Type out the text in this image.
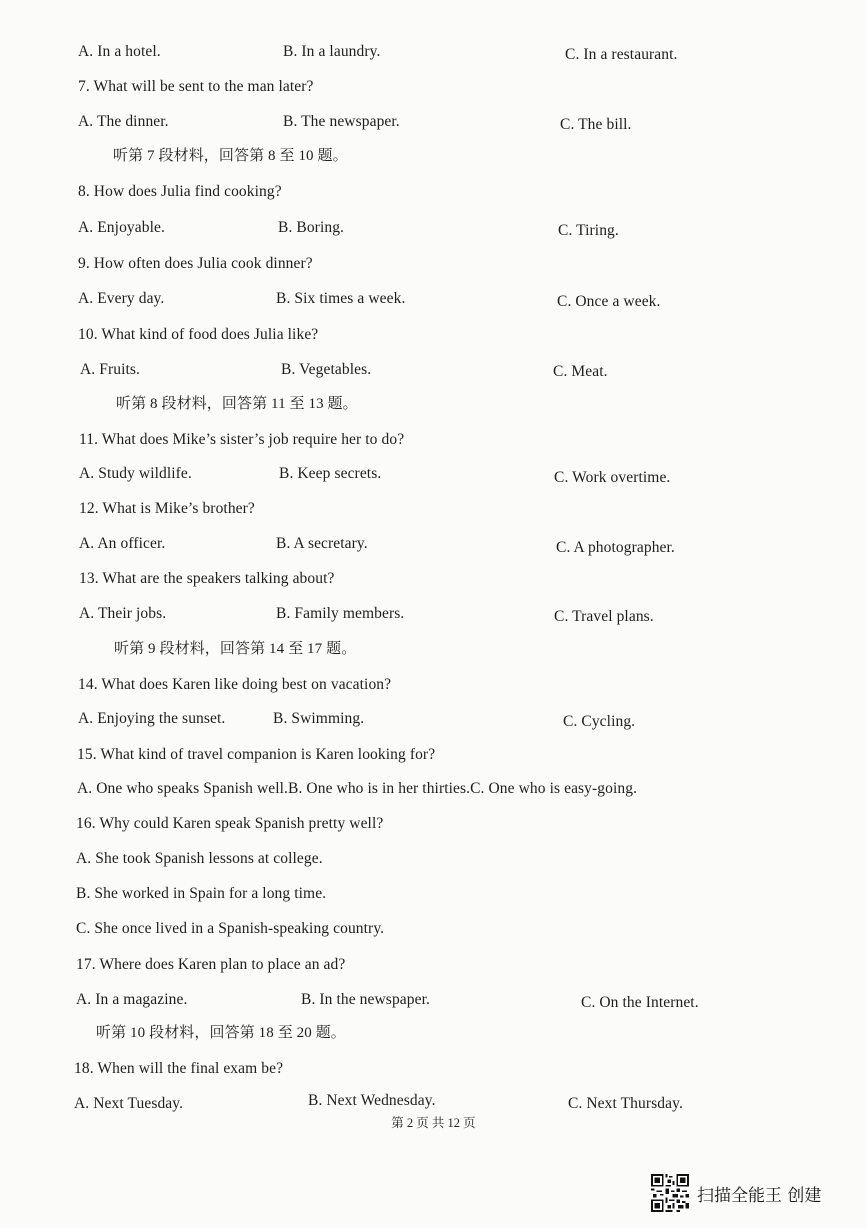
A. In a hotel.	B. In a laundry.	C. In a restaurant.
7. What will be sent to the man later?
A. The dinner.	B. The newspaper.	C. The bill.
听第 7 段材料，回答第 8 至 10 题。
8. How does Julia find cooking?
A. Enjoyable.	B. Boring.	C. Tiring.
9. How often does Julia cook dinner?
A. Every day.	B. Six times a week.	C. Once a week.
10. What kind of food does Julia like?
A. Fruits.	B. Vegetables.	C. Meat.
听第 8 段材料，回答第 11 至 13 题。
11. What does Mike’s sister’s job require her to do?
A. Study wildlife.	B. Keep secrets.	C. Work overtime.
12. What is Mike’s brother?
A. An officer.	B. A secretary.	C. A photographer.
13. What are the speakers talking about?
A. Their jobs.	B. Family members.	C. Travel plans.
听第 9 段材料，回答第 14 至 17 题。
14. What does Karen like doing best on vacation?
A. Enjoying the sunset.	B. Swimming.	C. Cycling.
15. What kind of travel companion is Karen looking for?
A. One who speaks Spanish well.B. One who is in her thirties.C. One who is easy-going.
16. Why could Karen speak Spanish pretty well?
A. She took Spanish lessons at college.
B. She worked in Spain for a long time.
C. She once lived in a Spanish-speaking country.
17. Where does Karen plan to place an ad?
A. In a magazine.	B. In the newspaper.	C. On the Internet.
听第 10 段材料，回答第 18 至 20 题。
18. When will the final exam be?
A. Next Tuesday.	B. Next Wednesday.	C. Next Thursday.
第 2 页 共 12 页
扫描全能王 创建
